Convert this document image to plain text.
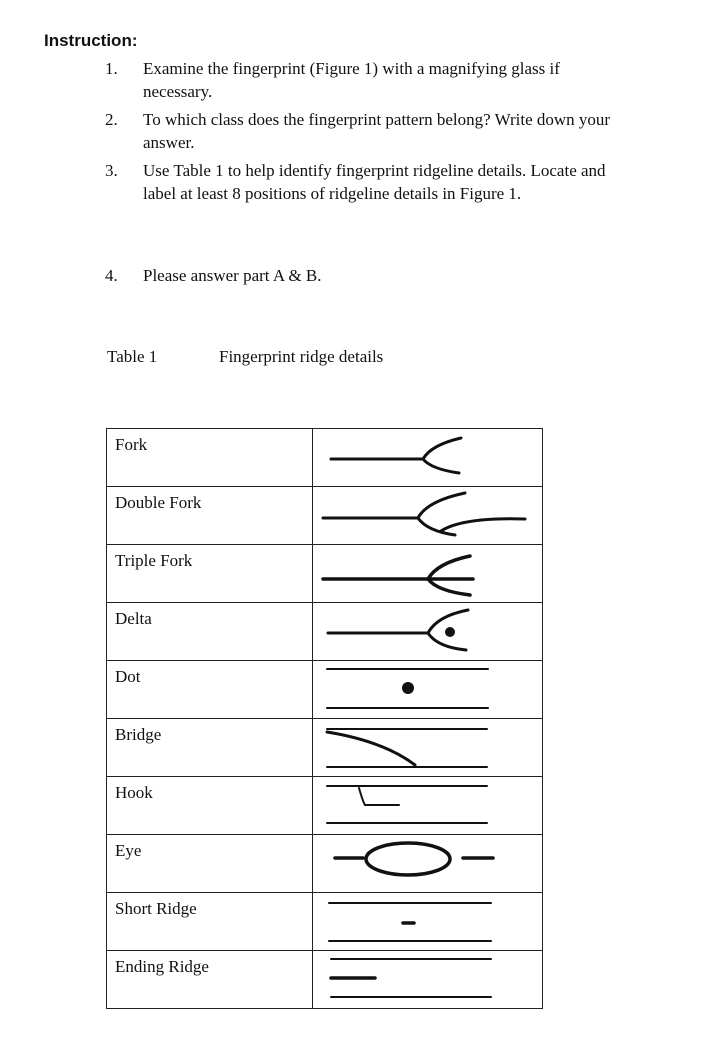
Instruction:
1.	Examine the fingerprint (Figure 1) with a magnifying glass if
necessary.
2.	To which class does the fingerprint pattern belong? Write down your
answer.
3.	Use Table 1 to help identify fingerprint ridgeline details. Locate and
label at least 8 positions of ridgeline details in Figure 1.
4.	Please answer part A & B.
Table 1	Fingerprint ridge details
Fork

Double Fork

Triple Fork

Delta

Dot

Bridge

Hook

Eye

Short Ridge

Ending Ridge
